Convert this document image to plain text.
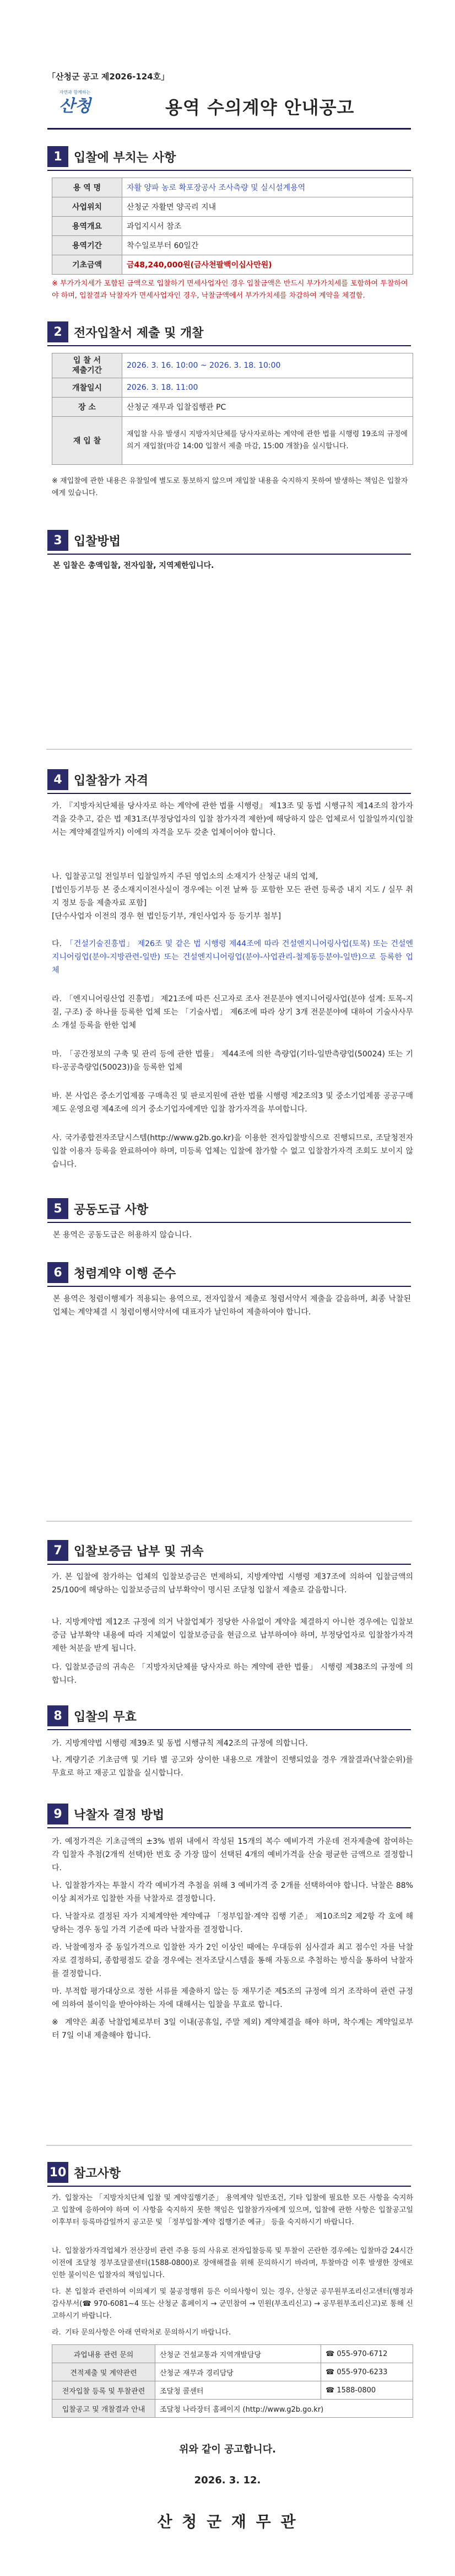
「산청군 공고 제2026-124호」
자연과 함께하는
산청	용역 수의계약 안내공고
1 입찰에 부치는 사항
용 역 명	자활 양파 농로 확포장공사 조사측량 및 실시설계용역
사업위치	산청군 자활면 양곡리 지내
용역개요	과업지시서 참조
용역기간	착수일로부터 60일간
기초금액	금48,240,000원(금사천팔백이십사만원)
※ 부가가치세가 포함된 금액으로 입찰하기 면세사업자인 경우 입찰금액은 반드시 부가가치세를 포함하여 투찰하여야 하며, 입찰결과 낙찰자가 면세사업자인 경우, 낙찰금액에서 부가가치세를 차감하여 계약을 체결함.
2 전자입찰서 제출 및 개찰
입 찰 서
제출기간	2026. 3. 16. 10:00 ~ 2026. 3. 18. 10:00
개찰일시	2026. 3. 18. 11:00
장 소	산청군 재무과 입찰집행관 PC
재 입 찰	재입찰 사유 발생시 지방자치단체를 당사자로하는 계약에 관한 법률 시행령 19조의 규정에 의거 재입찰(마감 14:00 입찰서 제출 마감, 15:00 개찰)을 실시합니다.
※ 재입찰에 관한 내용은 유찰일에 별도로 통보하지 않으며 재입찰 내용을 숙지하지 못하여 발생하는 책임은 입찰자에게 있습니다.
3 입찰방법
본 입찰은 총액입찰, 전자입찰, 지역제한입니다.
4 입찰참가 자격
가. 『지방자치단체를 당사자로 하는 계약에 관한 법률 시행령』 제13조 및 동법 시행규칙 제14조의 참가자격을 갖추고, 같은 법 제31조(부정당업자의 입찰 참가자격 제한)에 해당하지 않은 업체로서 입찰일까지(입찰서는 계약체결일까지) 이에의 자격을 모두 갖춘 업체이어야 합니다.
나. 입찰공고일 전일부터 입찰일까지 주된 영업소의 소재지가 산청군 내의 업체,
[법인등기부등 본 중소재지이전사실이 경우에는 이전 날짜 등 포함한 모든 관련 등록증 내지 지도 / 실무 취지 정보 등을 제출자료 포함]
[단수사업자 이전의 경우 현 법인등기부, 개인사업자 등 등기부 첨부]
다. 「건설기술진흥법」 제26조 및 같은 법 시행령 제44조에 따라 건설엔지니어링사업(토목) 또는 건설엔지니어링업(분야-지방관련-일반) 또는 건설엔지니어링업(분야-사업관리-철제동등분야-일반)으로 등록한 업체
라. 「엔지니어링산업 진흥법」 제21조에 따른 신고자로 조사 전문분야 엔지니어링사업(분야 설계: 토목-지질, 구조) 중 하나를 등록한 업체 또는 「기술사법」 제6조에 따라 상기 3개 전문분야에 대하여 기술사사무소 개설 등록을 한한 업체
마. 「공간정보의 구축 및 관리 등에 관한 법률」 제44조에 의한 측량업(기타-일반측량업(50024) 또는 기타-공공측량업(50023))을 등록한 업체
바. 본 사업은 중소기업제품 구매촉진 및 판로지원에 관한 법률 시행령 제2조의3 및 중소기업제품 공공구매제도 운영요령 제4조에 의거 중소기업자에게만 입찰 참가자격을 부여합니다.
사. 국가종합전자조달시스템(http://www.g2b.go.kr)을 이용한 전자입찰방식으로 진행되므로, 조달청전자입찰 이용자 등록을 완료하여야 하며, 미등록 업체는 입찰에 참가할 수 없고 입찰참가자격 조회도 보이지 않습니다.
5 공동도급 사항
본 용역은 공동도급은 허용하지 않습니다.
6 청렴계약 이행 준수
본 용역은 청렴이행제가 적용되는 용역으로, 전자입찰서 제출로 청렴서약서 제출을 갈음하며, 최종 낙찰된 업체는 계약체결 시 청렴이행서약서에 대표자가 날인하여 제출하여야 합니다.
7 입찰보증금 납부 및 귀속
가. 본 입찰에 참가하는 업체의 입찰보증금은 면제하되, 지방계약법 시행령 제37조에 의하여 입찰금액의 25/100에 해당하는 입찰보증금의 납부확약이 명시된 조달청 입찰서 제출로 갈음합니다.
나. 지방계약법 제12조 규정에 의거 낙찰업체가 정당한 사유없이 계약을 체결하지 아니한 경우에는 입찰보증금 납부확약 내용에 따라 지체없이 입찰보증금을 현금으로 납부하여야 하며, 부정당업자로 입찰참가자격 제한 처분을 받게 됩니다.
다. 입찰보증금의 귀속은 「지방자치단체를 당사자로 하는 계약에 관한 법률」 시행령 제38조의 규정에 의합니다.
8 입찰의 무효
가. 지방계약법 시행령 제39조 및 동법 시행규칙 제42조의 규정에 의합니다.
나. 계량기준 기초금액 및 기타 별 공고와 상이한 내용으로 개찰이 진행되었을 경우 개찰결과(낙찰순위)를 무효로 하고 재공고 입찰을 실시합니다.
9 낙찰자 결정 방법
가. 예정가격은 기초금액의 ±3% 범위 내에서 작성된 15개의 복수 예비가격 가운데 전자제출에 참여하는 각 입찰자 추첨(2개씩 선택)한 번호 중 가장 많이 선택된 4개의 예비가격을 산술 평균한 금액으로 결정합니다.
나. 입찰참가자는 투찰시 각각 예비가격 추첨을 위해 3 예비가격 중 2개를 선택하여야 합니다. 낙찰은 88%이상 최저가로 입찰한 자를 낙찰자로 결정합니다.
다. 낙찰자로 결정된 자가 지체계약한 계약예규 「정부입찰·계약 집행 기준」 제10조의2 제2항 각 호에 해당하는 경우 동일 가격 기준에 따라 낙찰자를 결정합니다.
라. 낙찰예정자 중 동일가격으로 입찰한 자가 2인 이상인 때에는 우대등위 심사결과 최고 점수인 자를 낙찰자로 결정하되, 종합평점도 같을 경우에는 전자조달시스템을 통해 자동으로 추첨하는 방식을 통하여 낙찰자를 결정합니다.
마. 부적합 평가대상으로 정한 서류를 제출하지 않는 등 재무기준 제5조의 규정에 의거 조작하여 관련 규정에 의하여 불이익을 받아야하는 자에 대해서는 입찰을 무효로 합니다.
※ 계약은 최종 낙찰업체로부터 3일 이내(공휴일, 주말 제외) 계약체결을 해야 하며, 착수계는 계약일로부터 7일 이내 제출해야 합니다.
10 참고사항
가. 입찰자는 「지방자치단체 입찰 및 계약집행기준」 용역계약 일반조건, 기타 입찰에 필요한 모든 사항을 숙지하고 입찰에 응하여야 하며 이 사항을 숙지하지 못한 책임은 입찰참가자에게 있으며, 입찰에 관한 사항은 입찰공고일 이후부터 등록마감일까지 공고문 및 「정부입찰·계약 집행기준 예규」 등을 숙지하시기 바랍니다.
나. 입찰참가자격업체가 전산장비 관련 주용 등의 사유로 전자입찰등록 및 투찰이 곤란한 경우에는 입찰마감 24시간 이전에 조달청 정부조달콜센터(1588-0800)로 장애해결을 위해 문의하시기 바라며, 투찰마감 이후 발생한 장애로 인한 불이익은 입찰자의 책임입니다.
다. 본 입찰과 관련하여 이의제기 및 불공정행위 등은 이의사항이 있는 경우, 산청군 공무원부조리신고센터(행정과 감사부서(☎ 970-6081~4 또는 산청군 홈페이지 → 군민참여 → 민원(부조리신고) → 공무원부조리신고)로 통해 신고하시기 바랍니다.
라. 기타 문의사항은 아래 연락처로 문의하시기 바랍니다.
과업내용 관련 문의	산청군 건설교통과 지역개발담당	☎ 055-970-6712
견적제출 및 계약관련	산청군 재무과 경리담당	☎ 055-970-6233
전자입찰 등록 및 투찰관련	조달청 콜센터	☎ 1588-0800
입찰공고 및 개찰결과 안내	조달청 나라장터 홈페이지 (http://www.g2b.go.kr)	
위와 같이 공고합니다.
2026. 3. 12.
산 청 군 재 무 관
